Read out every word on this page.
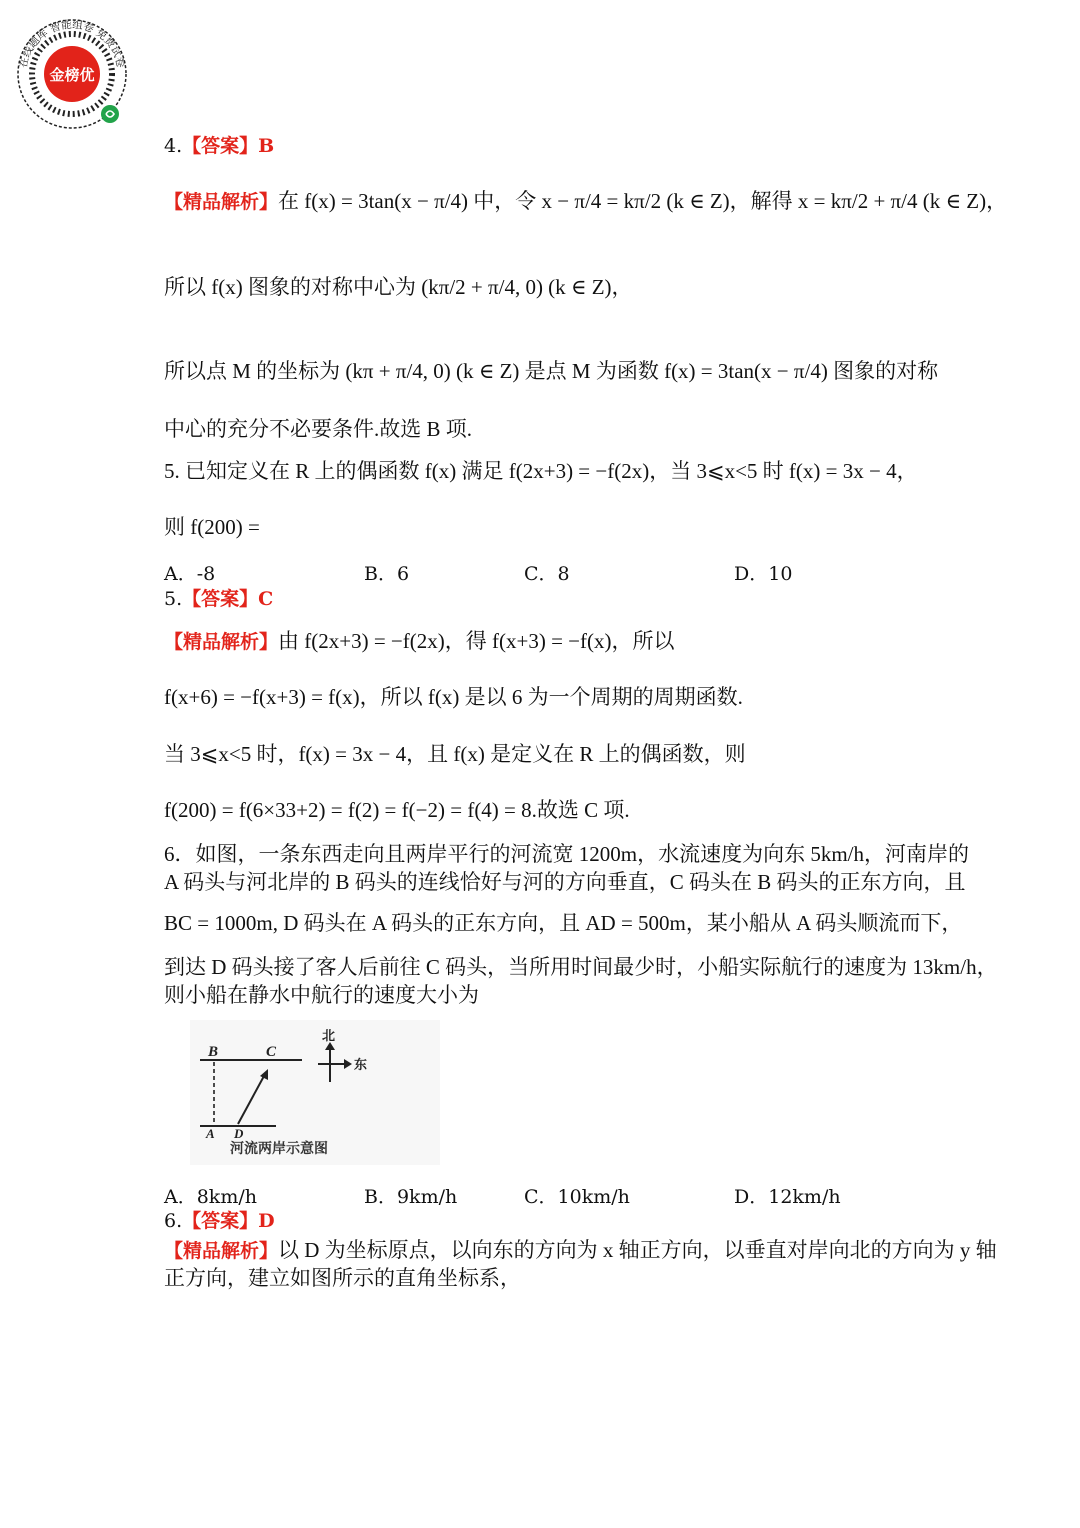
金榜优
在线题库 智能组卷 免费试卷
4.【答案】B
【精品解析】在 f(x) = 3tan(x − π/4) 中，令 x − π/4 = kπ/2 (k ∈ Z)，解得 x = kπ/2 + π/4 (k ∈ Z)，
所以 f(x) 图象的对称中心为 (kπ/2 + π/4, 0) (k ∈ Z)，
所以点 M 的坐标为 (kπ + π/4, 0) (k ∈ Z) 是点 M 为函数 f(x) = 3tan(x − π/4) 图象的对称
中心的充分不必要条件.故选 B 项.
5. 已知定义在 R 上的偶函数 f(x) 满足 f(2x+3) = −f(2x)，当 3⩽x<5 时 f(x) = 3x − 4，
则 f(200) =
A．-8	B．6	C．8	D．10
5.【答案】C
【精品解析】由 f(2x+3) = −f(2x)，得 f(x+3) = −f(x)，所以
f(x+6) = −f(x+3) = f(x)，所以 f(x) 是以 6 为一个周期的周期函数.
当 3⩽x<5 时，f(x) = 3x − 4，且 f(x) 是定义在 R 上的偶函数，则
f(200) = f(6×33+2) = f(2) = f(−2) = f(4) = 8.故选 C 项.
6．如图，一条东西走向且两岸平行的河流宽 1200m，水流速度为向东 5km/h，河南岸的
A 码头与河北岸的 B 码头的连线恰好与河的方向垂直，C 码头在 B 码头的正东方向，且
BC = 1000m, D 码头在 A 码头的正东方向，且 AD = 500m，某小船从 A 码头顺流而下，
到达 D 码头接了客人后前往 C 码头，当所用时间最少时，小船实际航行的速度为 13km/h，
则小船在静水中航行的速度大小为
B	C
A D
北
东
河流两岸示意图
A．8km/h	B．9km/h	C．10km/h	D．12km/h
6.【答案】D
【精品解析】以 D 为坐标原点，以向东的方向为 x 轴正方向，以垂直对岸向北的方向为 y 轴
正方向，建立如图所示的直角坐标系，
